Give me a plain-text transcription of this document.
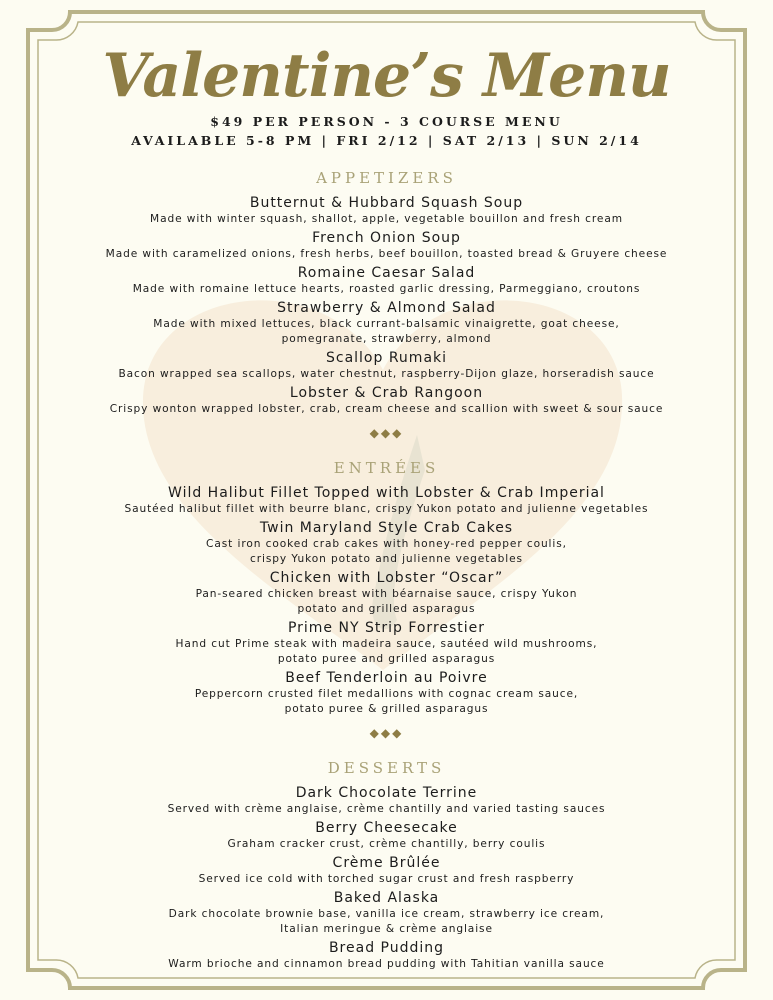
Valentine’s Menu

$49 PER PERSON - 3 COURSE MENU

AVAILABLE 5-8 PM | FRI 2/12 | SAT 2/13 | SUN 2/14

APPETIZERS
Butternut & Hubbard Squash Soup
Made with winter squash, shallot, apple, vegetable bouillon and fresh cream
French Onion Soup
Made with caramelized onions, fresh herbs, beef bouillon, toasted bread & Gruyere cheese
Romaine Caesar Salad
Made with romaine lettuce hearts, roasted garlic dressing, Parmeggiano, croutons
Strawberry & Almond Salad
Made with mixed lettuces, black currant-balsamic vinaigrette, goat cheese,
pomegranate, strawberry, almond
Scallop Rumaki
Bacon wrapped sea scallops, water chestnut, raspberry-Dijon glaze, horseradish sauce
Lobster & Crab Rangoon
Crispy wonton wrapped lobster, crab, cream cheese and scallion with sweet & sour sauce
◆◆◆
ENTRÉES
Wild Halibut Fillet Topped with Lobster & Crab Imperial
Sautéed halibut fillet with beurre blanc, crispy Yukon potato and julienne vegetables
Twin Maryland Style Crab Cakes
Cast iron cooked crab cakes with honey-red pepper coulis,
crispy Yukon potato and julienne vegetables
Chicken with Lobster “Oscar”
Pan-seared chicken breast with béarnaise sauce, crispy Yukon
potato and grilled asparagus
Prime NY Strip Forrestier
Hand cut Prime steak with madeira sauce, sautéed wild mushrooms,
potato puree and grilled asparagus
Beef Tenderloin au Poivre
Peppercorn crusted filet medallions with cognac cream sauce,
potato puree & grilled asparagus
◆◆◆
DESSERTS
Dark Chocolate Terrine
Served with crème anglaise, crème chantilly and varied tasting sauces
Berry Cheesecake
Graham cracker crust, crème chantilly, berry coulis
Crème Brûlée
Served ice cold with torched sugar crust and fresh raspberry
Baked Alaska
Dark chocolate brownie base, vanilla ice cream, strawberry ice cream,
Italian meringue & crème anglaise
Bread Pudding
Warm brioche and cinnamon bread pudding with Tahitian vanilla sauce
